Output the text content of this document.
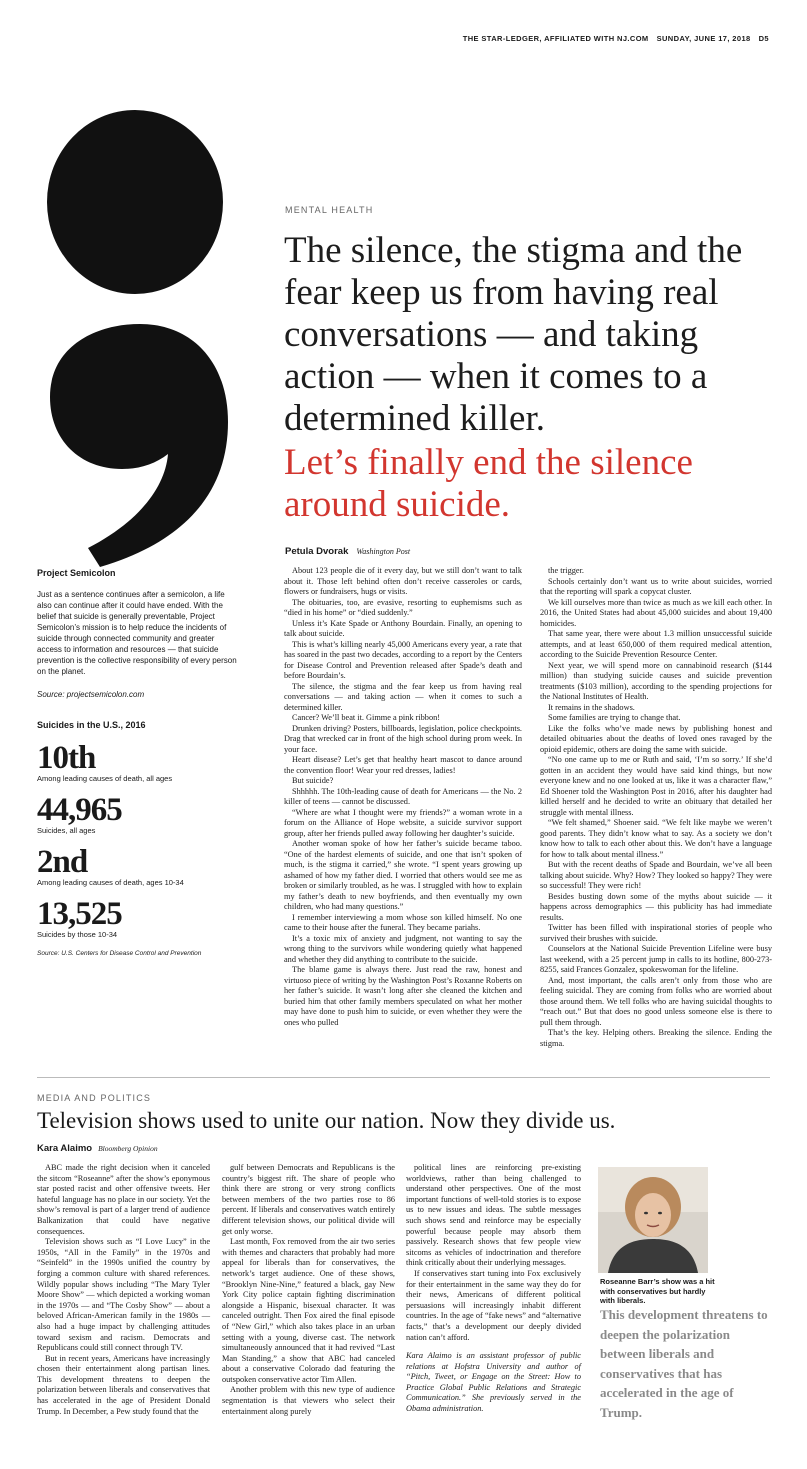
THE STAR-LEDGER, AFFILIATED WITH NJ.COM SUNDAY, JUNE 17, 2018 D5
MENTAL HEALTH
The silence, the stigma and the fear keep us from having real conversations — and taking action — when it comes to a determined killer.
Let’s finally end the silence around suicide.
Petula Dvorak Washington Post
Project Semicolon
Just as a sentence continues after a semicolon, a life also can continue after it could have ended. With the belief that suicide is generally preventable, Project Semicolon’s mission is to help reduce the incidents of suicide through connected community and greater access to information and resources — that suicide prevention is the collective responsibility of every person on the planet.
Source: projectsemicolon.com
Suicides in the U.S., 2016
10th
Among leading causes of death, all ages
44,965
Suicides, all ages
2nd
Among leading causes of death, ages 10-34
13,525
Suicides by those 10-34
Source: U.S. Centers for Disease Control and Prevention

About 123 people die of it every day, but we still don’t want to talk about it. Those left behind often don’t receive casseroles or cards, flowers or fundraisers, hugs or visits.

The obituaries, too, are evasive, resorting to euphemisms such as “died in his home” or “died suddenly.”

Unless it’s Kate Spade or Anthony Bourdain. Finally, an opening to talk about suicide.

This is what’s killing nearly 45,000 Americans every year, a rate that has soared in the past two decades, according to a report by the Centers for Disease Control and Prevention released after Spade’s death and before Bourdain’s.

The silence, the stigma and the fear keep us from having real conversations — and taking action — when it comes to such a determined killer.

Cancer? We’ll beat it. Gimme a pink ribbon!

Drunken driving? Posters, billboards, legislation, police checkpoints. Drag that wrecked car in front of the high school during prom week. In your face.

Heart disease? Let’s get that healthy heart mascot to dance around the convention floor! Wear your red dresses, ladies!

But suicide?

Shhhhh. The 10th-leading cause of death for Americans — the No. 2 killer of teens — cannot be discussed.

“Where are what I thought were my friends?” a woman wrote in a forum on the Alliance of Hope website, a suicide survivor support group, after her friends pulled away following her daughter’s suicide.

Another woman spoke of how her father’s suicide became taboo. “One of the hardest elements of suicide, and one that isn’t spoken of much, is the stigma it carried,” she wrote. “I spent years growing up ashamed of how my father died. I worried that others would see me as broken or similarly troubled, as he was. I struggled with how to explain my father’s death to new boyfriends, and then eventually my own children, who had many questions.”

I remember interviewing a mom whose son killed himself. No one came to their house after the funeral. They became pariahs.

It’s a toxic mix of anxiety and judgment, not wanting to say the wrong thing to the survivors while wondering quietly what happened and whether they did anything to contribute to the suicide.

The blame game is always there. Just read the raw, honest and virtuoso piece of writing by the Washington Post’s Roxanne Roberts on her father’s suicide. It wasn’t long after she cleaned the kitchen and buried him that other family members speculated on what her mother may have done to push him to suicide, or even whether they were the ones who pulled

the trigger.

Schools certainly don’t want us to write about suicides, worried that the reporting will spark a copycat cluster.

We kill ourselves more than twice as much as we kill each other. In 2016, the United States had about 45,000 suicides and about 19,400 homicides.

That same year, there were about 1.3 million unsuccessful suicide attempts, and at least 650,000 of them required medical attention, according to the Suicide Prevention Resource Center.

Next year, we will spend more on cannabinoid research ($144 million) than studying suicide causes and suicide prevention treatments ($103 million), according to the spending projections for the National Institutes of Health.

It remains in the shadows.

Some families are trying to change that.

Like the folks who’ve made news by publishing honest and detailed obituaries about the deaths of loved ones ravaged by the opioid epidemic, others are doing the same with suicide.

“No one came up to me or Ruth and said, ‘I’m so sorry.’ If she’d gotten in an accident they would have said kind things, but now everyone knew and no one looked at us, like it was a character flaw,” Ed Shoener told the Washington Post in 2016, after his daughter had killed herself and he decided to write an obituary that detailed her struggle with mental illness.

“We felt shamed,” Shoener said. “We felt like maybe we weren’t good parents. They didn’t know what to say. As a society we don’t know how to talk to each other about this. We don’t have a language for how to talk about mental illness.”

But with the recent deaths of Spade and Bourdain, we’ve all been talking about suicide. Why? How? They looked so happy? They were so successful! They were rich!

Besides busting down some of the myths about suicide — it happens across demographics — this publicity has had immediate results.

Twitter has been filled with inspirational stories of people who survived their brushes with suicide.

Counselors at the National Suicide Prevention Lifeline were busy last weekend, with a 25 percent jump in calls to its hotline, 800-273-8255, said Frances Gonzalez, spokeswoman for the lifeline.

And, most important, the calls aren’t only from those who are feeling suicidal. They are coming from folks who are worried about those around them. We tell folks who are having suicidal thoughts to “reach out.” But that does no good unless someone else is there to pull them through.

That’s the key. Helping others. Breaking the silence. Ending the stigma.

MEDIA AND POLITICS
Television shows used to unite our nation. Now they divide us.
Kara Alaimo Bloomberg Opinion

ABC made the right decision when it canceled the sitcom “Roseanne” after the show’s eponymous star posted racist and other offensive tweets. Her hateful language has no place in our society. Yet the show’s removal is part of a larger trend of audience Balkanization that could have negative consequences.

Television shows such as “I Love Lucy” in the 1950s, “All in the Family” in the 1970s and “Seinfeld” in the 1990s unified the country by forging a common culture with shared references. Wildly popular shows including “The Mary Tyler Moore Show” — which depicted a working woman in the 1970s — and “The Cosby Show” — about a beloved African-American family in the 1980s — also had a huge impact by challenging attitudes toward sexism and racism. Democrats and Republicans could still connect through TV.

But in recent years, Americans have increasingly chosen their entertainment along partisan lines. This development threatens to deepen the polarization between liberals and conservatives that has accelerated in the age of President Donald Trump. In December, a Pew study found that the

gulf between Democrats and Republicans is the country’s biggest rift. The share of people who think there are strong or very strong conflicts between members of the two parties rose to 86 percent. If liberals and conservatives watch entirely different television shows, our political divide will get only worse.

Last month, Fox removed from the air two series with themes and characters that probably had more appeal for liberals than for conservatives, the network’s target audience. One of these shows, “Brooklyn Nine-Nine,” featured a black, gay New York City police captain fighting discrimination alongside a Hispanic, bisexual character. It was canceled outright. Then Fox aired the final episode of “New Girl,” which also takes place in an urban setting with a young, diverse cast. The network simultaneously announced that it had revived “Last Man Standing,” a show that ABC had canceled about a conservative Colorado dad featuring the outspoken conservative actor Tim Allen.

Another problem with this new type of audience segmentation is that viewers who select their entertainment along purely

political lines are reinforcing pre-existing worldviews, rather than being challenged to understand other perspectives. One of the most important functions of well-told stories is to expose us to new issues and ideas. The subtle messages such shows send and reinforce may be especially powerful because people may absorb them passively. Research shows that few people view sitcoms as vehicles of indoctrination and therefore think critically about their underlying messages.

If conservatives start tuning into Fox exclusively for their entertainment in the same way they do for their news, Americans of different political persuasions will increasingly inhabit different countries. In the age of “fake news” and “alternative facts,” that’s a development our deeply divided nation can’t afford.

Kara Alaimo is an assistant professor of public relations at Hofstra University and author of “Pitch, Tweet, or Engage on the Street: How to Practice Global Public Relations and Strategic Communication.” She previously served in the Obama administration.

Roseanne Barr’s show was a hit with conservatives but hardly with liberals.
This development threatens to deepen the polarization between liberals and conservatives that has accelerated in the age of Trump.
